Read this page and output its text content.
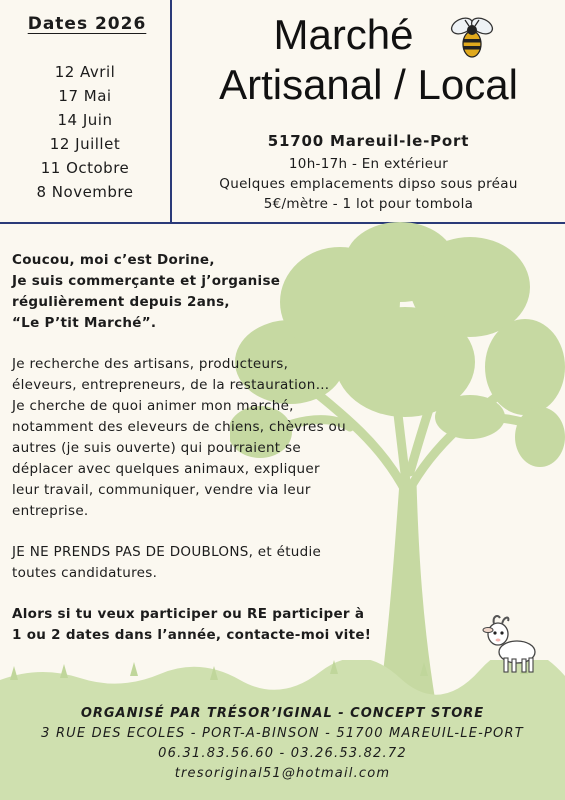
Dates 2026
12 Avril
17 Mai
14 Juin
12 Juillet
11 Octobre
8 Novembre
Marché
Artisanal / Local
51700 Mareuil-le-Port
10h-17h - En extérieur
Quelques emplacements dipso sous préau
5€/mètre - 1 lot pour tombola

Coucou, moi c’est Dorine,
Je suis commerçante et j’organise
régulièrement depuis 2ans,
“Le P’tit Marché”.

Je recherche des artisans, producteurs,
éleveurs, entrepreneurs, de la restauration…
Je cherche de quoi animer mon marché,
notamment des eleveurs de chiens, chèvres ou
autres (je suis ouverte) qui pourraient se
déplacer avec quelques animaux, expliquer
leur travail, communiquer, vendre via leur
entreprise.

JE NE PRENDS PAS DE DOUBLONS, et étudie
toutes candidatures.

Alors si tu veux participer ou RE participer à
1 ou 2 dates dans l’année, contacte-moi vite!

ORGANISÉ PAR TRÉSOR’IGINAL - CONCEPT STORE
3 RUE DES ECOLES - PORT-A-BINSON - 51700 MAREUIL-LE-PORT
06.31.83.56.60 - 03.26.53.82.72
tresoriginal51@hotmail.com
